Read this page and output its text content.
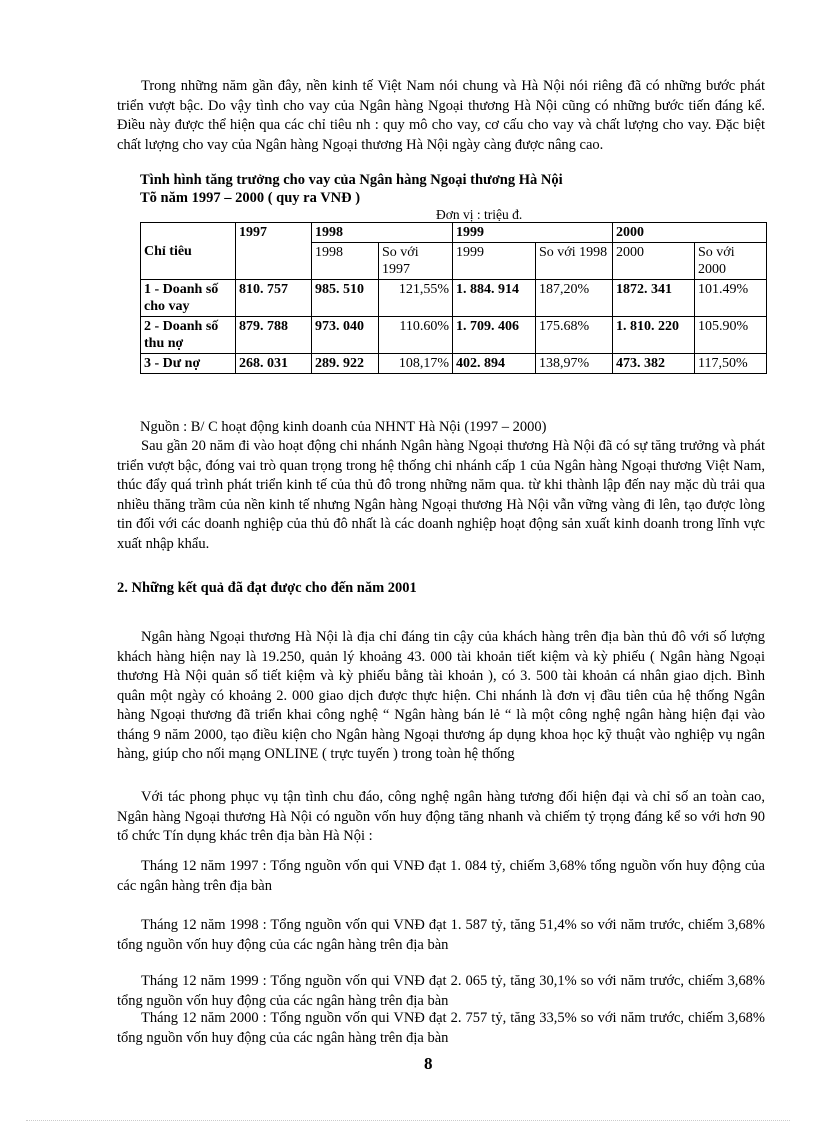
Trong những năm gần đây, nền kinh tế Việt Nam nói chung và Hà Nội nói riêng đã có những bước phát triển vượt bậc. Do vậy tình cho vay của Ngân hàng Ngoại thương Hà Nội cũng có những bước tiến đáng kể. Điều này được thể hiện qua các chỉ tiêu nh : quy mô cho vay, cơ cấu cho vay và chất lượng cho vay. Đặc biệt chất lượng cho vay của Ngân hàng Ngoại thương Hà Nội ngày càng được nâng cao.

Tình hình tăng trưởng cho vay của Ngân hàng Ngoại thương Hà Nội
Tõ năm 1997 – 2000 ( quy ra VNĐ )
Đơn vị : triệu đ.
Chỉ tiêu	1997	1998		1999		2000	
		1998	So với 1997	1999	So với 1998	2000	So với 2000
1 - Doanh số cho vay	810. 757	985. 510	121,55%	1. 884. 914	187,20%	1872. 341	101.49%
2 - Doanh số thu nợ	879. 788	973. 040	110.60%	1. 709. 406	175.68%	1. 810. 220	105.90%
3 - Dư nợ	268. 031	289. 922	108,17%	402. 894	138,97%	473. 382	117,50%
Nguồn : B/ C hoạt động kinh doanh của NHNT Hà Nội (1997 – 2000)

Sau gần 20 năm đi vào hoạt động chi nhánh Ngân hàng Ngoại thương Hà Nội đã có sự tăng trưởng và phát triển vượt bậc, đóng vai trò quan trọng trong hệ thống chi nhánh cấp 1 của Ngân hàng Ngoại thương Việt Nam, thúc đẩy quá trình phát triển kinh tế của thủ đô trong những năm qua. từ khi thành lập đến nay mặc dù trải qua nhiều thăng trầm của nền kinh tế nhưng Ngân hàng Ngoại thương Hà Nội vẫn vững vàng đi lên, tạo được lòng tin đối với các doanh nghiệp của thủ đô nhất là các doanh nghiệp hoạt động sản xuất kinh doanh trong lĩnh vực xuất nhập khẩu.

2. Những kết quả đã đạt được cho đến năm 2001

Ngân hàng Ngoại thương Hà Nội là địa chỉ đáng tin cậy của khách hàng trên địa bàn thủ đô với số lượng khách hàng hiện nay là 19.250, quản lý khoảng 43. 000 tài khoản tiết kiệm và kỳ phiếu ( Ngân hàng Ngoại thương Hà Nội quản sổ tiết kiệm và kỳ phiếu bằng tài khoản ), có 3. 500 tài khoản cá nhân giao dịch. Bình quân một ngày có khoảng 2. 000 giao dịch được thực hiện. Chi nhánh là đơn vị đầu tiên của hệ thống Ngân hàng Ngoại thương đã triển khai công nghệ “ Ngân hàng bán lẻ “ là một công nghệ ngân hàng hiện đại vào tháng 9 năm 2000, tạo điều kiện cho Ngân hàng Ngoại thương áp dụng khoa học kỹ thuật vào nghiệp vụ ngân hàng, giúp cho nối mạng ONLINE ( trực tuyến ) trong toàn hệ thống

Với tác phong phục vụ tận tình chu đáo, công nghệ ngân hàng tương đối hiện đại và chỉ số an toàn cao, Ngân hàng Ngoại thương Hà Nội có nguồn vốn huy động tăng nhanh và chiếm tỷ trọng đáng kể so với hơn 90 tổ chức Tín dụng khác trên địa bàn Hà Nội :

Tháng 12 năm 1997 : Tổng nguồn vốn qui VNĐ đạt 1. 084 tỷ, chiếm 3,68% tổng nguồn vốn huy động của các ngân hàng trên địa bàn

Tháng 12 năm 1998 : Tổng nguồn vốn qui VNĐ đạt 1. 587 tỷ, tăng 51,4% so với năm trước, chiếm 3,68% tổng nguồn vốn huy động của các ngân hàng trên địa bàn

Tháng 12 năm 1999 : Tổng nguồn vốn qui VNĐ đạt 2. 065 tỷ, tăng 30,1% so với năm trước, chiếm 3,68% tổng nguồn vốn huy động của các ngân hàng trên địa bàn

Tháng 12 năm 2000 : Tổng nguồn vốn qui VNĐ đạt 2. 757 tỷ, tăng 33,5% so với năm trước, chiếm 3,68% tổng nguồn vốn huy động của các ngân hàng trên địa bàn

8
